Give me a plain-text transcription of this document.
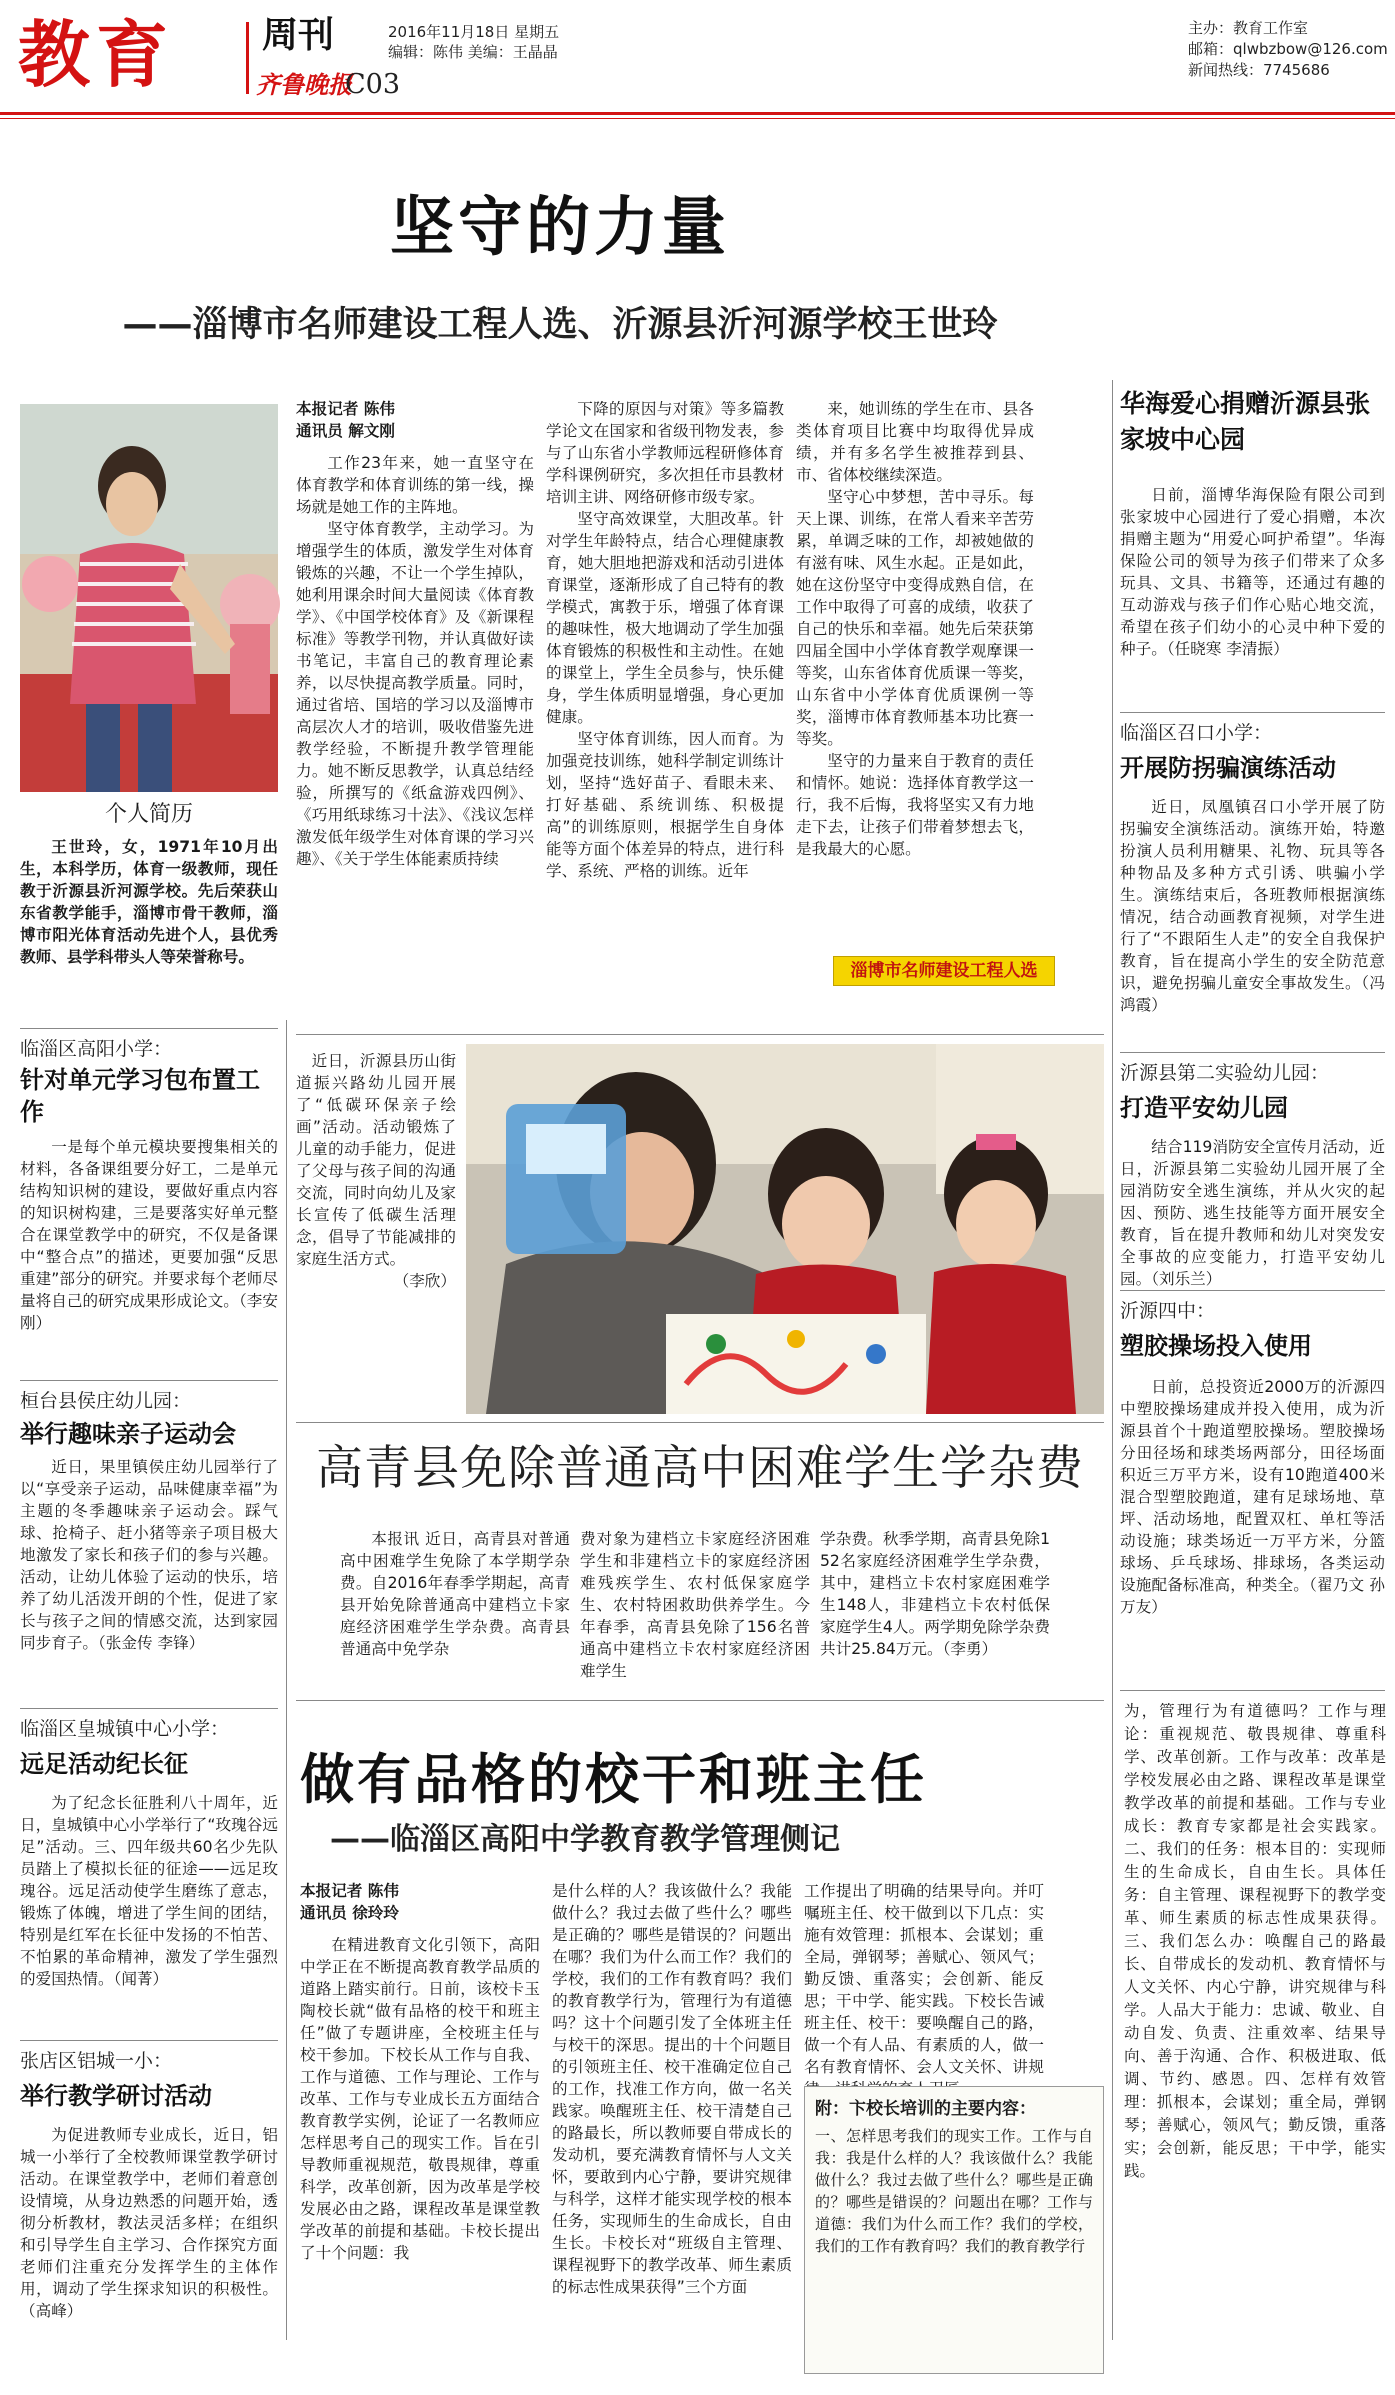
教育 周刊
齐鲁晚报
C03
2016年11月18日 星期五
编辑：陈伟 美编：王晶晶
主办：教育工作室
邮箱：qlwbzbow@126.com
新闻热线：7745686
坚守的力量
——淄博市名师建设工程人选、沂源县沂河源学校王世玲
个人简历
王世玲，女，1971年10月出生，本科学历，体育一级教师，现任教于沂源县沂河源学校。先后荣获山东省教学能手，淄博市骨干教师，淄博市阳光体育活动先进个人，县优秀教师、县学科带头人等荣誉称号。
本报记者 陈伟
通讯员 解文刚

工作23年来，她一直坚守在体育教学和体育训练的第一线，操场就是她工作的主阵地。

坚守体育教学，主动学习。为增强学生的体质，激发学生对体育锻炼的兴趣，不让一个学生掉队，她利用课余时间大量阅读《体育教学》、《中国学校体育》及《新课程标准》等教学刊物，并认真做好读书笔记，丰富自己的教育理论素养，以尽快提高教学质量。同时，通过省培、国培的学习以及淄博市高层次人才的培训，吸收借鉴先进教学经验，不断提升教学管理能力。她不断反思教学，认真总结经验，所撰写的《纸盒游戏四例》、《巧用纸球练习十法》、《浅议怎样激发低年级学生对体育课的学习兴趣》、《关于学生体能素质持续

下降的原因与对策》等多篇教学论文在国家和省级刊物发表，参与了山东省小学教师远程研修体育学科课例研究，多次担任市县教材培训主讲、网络研修市级专家。

坚守高效课堂，大胆改革。针对学生年龄特点，结合心理健康教育，她大胆地把游戏和活动引进体育课堂，逐渐形成了自己特有的教学模式，寓教于乐，增强了体育课的趣味性，极大地调动了学生加强体育锻炼的积极性和主动性。在她的课堂上，学生全员参与，快乐健身，学生体质明显增强，身心更加健康。

坚守体育训练，因人而育。为加强竞技训练，她科学制定训练计划，坚持“选好苗子、看眼未来、打好基础、系统训练、积极提高”的训练原则，根据学生自身体能等方面个体差异的特点，进行科学、系统、严格的训练。近年

来，她训练的学生在市、县各类体育项目比赛中均取得优异成绩，并有多名学生被推荐到县、市、省体校继续深造。

坚守心中梦想，苦中寻乐。每天上课、训练，在常人看来辛苦劳累，单调乏味的工作，却被她做的有滋有味、风生水起。正是如此，她在这份坚守中变得成熟自信，在工作中取得了可喜的成绩，收获了自己的快乐和幸福。她先后荣获第四届全国中小学体育教学观摩课一等奖，山东省体育优质课一等奖，山东省中小学体育优质课例一等奖，淄博市体育教师基本功比赛一等奖。

坚守的力量来自于教育的责任和情怀。她说：选择体育教学这一行，我不后悔，我将坚实又有力地走下去，让孩子们带着梦想去飞，是我最大的心愿。

淄博市名师建设工程人选
临淄区高阳小学：
针对单元学习包布置工作
一是每个单元模块要搜集相关的材料，各备课组要分好工，二是单元结构知识树的建设，要做好重点内容的知识树构建，三是要落实好单元整合在课堂教学中的研究，不仅是备课中“整合点”的描述，更要加强“反思重建”部分的研究。并要求每个老师尽量将自己的研究成果形成论文。（李安刚）
桓台县侯庄幼儿园：
举行趣味亲子运动会
近日，果里镇侯庄幼儿园举行了以“享受亲子运动，品味健康幸福”为主题的冬季趣味亲子运动会。踩气球、抢椅子、赶小猪等亲子项目极大地激发了家长和孩子们的参与兴趣。活动，让幼儿体验了运动的快乐，培养了幼儿活泼开朗的个性，促进了家长与孩子之间的情感交流，达到家园同步育子。（张金传 李锋）
临淄区皇城镇中心小学：
远足活动纪长征
为了纪念长征胜利八十周年，近日，皇城镇中心小学举行了“玫瑰谷远足”活动。三、四年级共60名少先队员踏上了模拟长征的征途——远足玫瑰谷。远足活动使学生磨练了意志，锻炼了体魄，增进了学生间的团结，特别是红军在长征中发扬的不怕苦、不怕累的革命精神，激发了学生强烈的爱国热情。（闻菁）
张店区铝城一小：
举行教学研讨活动
为促进教师专业成长，近日，铝城一小举行了全校教师课堂教学研讨活动。在课堂教学中，老师们着意创设情境，从身边熟悉的问题开始，透彻分析教材，教法灵活多样；在组织和引导学生自主学习、合作探究方面老师们注重充分发挥学生的主体作用，调动了学生探求知识的积极性。（高峰）
近日，沂源县历山街道振兴路幼儿园开展了“低碳环保亲子绘画”活动。活动锻炼了儿童的动手能力，促进了父母与孩子间的沟通交流，同时向幼儿及家长宣传了低碳生活理念，倡导了节能减排的家庭生活方式。
（李欣）
高青县免除普通高中困难学生学杂费
本报讯 近日，高青县对普通高中困难学生免除了本学期学杂费。自2016年春季学期起，高青县开始免除普通高中建档立卡家庭经济困难学生学杂费。高青县普通高中免学杂
费对象为建档立卡家庭经济困难学生和非建档立卡的家庭经济困难残疾学生、农村低保家庭学生、农村特困救助供养学生。今年春季，高青县免除了156名普通高中建档立卡农村家庭经济困难学生
学杂费。秋季学期，高青县免除152名家庭经济困难学生学杂费，其中，建档立卡农村家庭困难学生148人，非建档立卡农村低保家庭学生4人。两学期免除学杂费共计25.84万元。（李勇）
做有品格的校干和班主任
——临淄区高阳中学教育教学管理侧记
本报记者 陈伟
通讯员 徐玲玲
在精进教育文化引领下，高阳中学正在不断提高教育教学品质的道路上踏实前行。日前，该校卡玉陶校长就“做有品格的校干和班主任”做了专题讲座，全校班主任与校干参加。下校长从工作与自我、工作与道德、工作与理论、工作与改革、工作与专业成长五方面结合教育教学实例，论证了一名教师应怎样思考自己的现实工作。旨在引导教师重视规范，敬畏规律，尊重科学，改革创新，因为改革是学校发展必由之路，课程改革是课堂教学改革的前提和基础。卡校长提出了十个问题：我
是什么样的人？我该做什么？我能做什么？我过去做了些什么？哪些是正确的？哪些是错误的？问题出在哪？我们为什么而工作？我们的学校，我们的工作有教育吗？我们的教育教学行为，管理行为有道德吗？这十个问题引发了全体班主任与校干的深思。提出的十个问题目的引领班主任、校干准确定位自己的工作，找准工作方向，做一名关践家。唤醒班主任、校干清楚自己的路最长，所以教师要自带成长的发动机，要充满教育情怀与人文关怀，要敢到内心宁静，要讲究规律与科学，这样才能实现学校的根本任务，实现师生的生命成长，自由生长。卡校长对“班级自主管理、课程视野下的教学改革、师生素质的标志性成果获得”三个方面
工作提出了明确的结果导向。并叮嘱班主任、校干做到以下几点：实施有效管理：抓根本、会谋划；重全局，弹钢琴；善赋心、领风气；勤反馈、重落实；会创新、能反思；干中学、能实践。下校长告诫班主任、校干：要唤醒自己的路，做一个有人品、有素质的人，做一名有教育情怀、会人文关怀、讲规
附：卞校长培训的主要内容：
一、怎样思考我们的现实工作。工作与自我：我是什么样的人？我该做什么？我能做什么？我过去做了些什么？哪些是正确的？哪些是错误的？问题出在哪？工作与道德：我们为什么而工作？我们的学校，我们的工作有教育吗？我们的教育教学行
华海爱心捐赠沂源县张家坡中心园
日前，淄博华海保险有限公司到张家坡中心园进行了爱心捐赠，本次捐赠主题为“用爱心呵护希望”。华海保险公司的领导为孩子们带来了众多玩具、文具、书籍等，还通过有趣的互动游戏与孩子们作心贴心地交流，希望在孩子们幼小的心灵中种下爱的种子。（任晓寒 李清振）
临淄区召口小学：
开展防拐骗演练活动
近日，凤凰镇召口小学开展了防拐骗安全演练活动。演练开始，特邀扮演人员利用糖果、礼物、玩具等各种物品及多种方式引诱、哄骗小学生。演练结束后，各班教师根据演练情况，结合动画教育视频，对学生进行了“不跟陌生人走”的安全自我保护教育，旨在提高小学生的安全防范意识，避免拐骗儿童安全事故发生。（冯鸿霞）
沂源县第二实验幼儿园：
打造平安幼儿园
结合119消防安全宣传月活动，近日，沂源县第二实验幼儿园开展了全园消防安全逃生演练，并从火灾的起因、预防、逃生技能等方面开展安全教育，旨在提升教师和幼儿对突发安全事故的应变能力，打造平安幼儿园。（刘乐兰）
沂源四中：
塑胶操场投入使用
日前，总投资近2000万的沂源四中塑胶操场建成并投入使用，成为沂源县首个十跑道塑胶操场。塑胶操场分田径场和球类场两部分，田径场面积近三万平方米，设有10跑道400米混合型塑胶跑道，建有足球场地、草坪、活动场地，配置双杠、单杠等活动设施；球类场近一万平方米，分篮球场、乒乓球场、排球场，各类运动设施配备标准高，种类全。（翟乃文 孙万友）
为，管理行为有道德吗？工作与理论：重视规范、敬畏规律、尊重科学、改革创新。工作与改革：改革是学校发展必由之路、课程改革是课堂教学改革的前提和基础。工作与专业成长：教育专家都是社会实践家。二、我们的任务：根本目的：实现师生的生命成长，自由生长。具体任务：自主管理、课程视野下的教学变革、师生素质的标志性成果获得。三、我们怎么办：唤醒自己的路最长、自带成长的发动机、教育情怀与人文关怀、内心宁静，讲究规律与科学。人品大于能力：忠诚、敬业、自动自发、负责、注重效率、结果导向、善于沟通、合作、积极进取、低调、节约、感恩。四、怎样有效管理：抓根本，会谋划；重全局，弹钢琴；善赋心，领风气；勤反馈，重落实；会创新，能反思；干中学，能实践。
